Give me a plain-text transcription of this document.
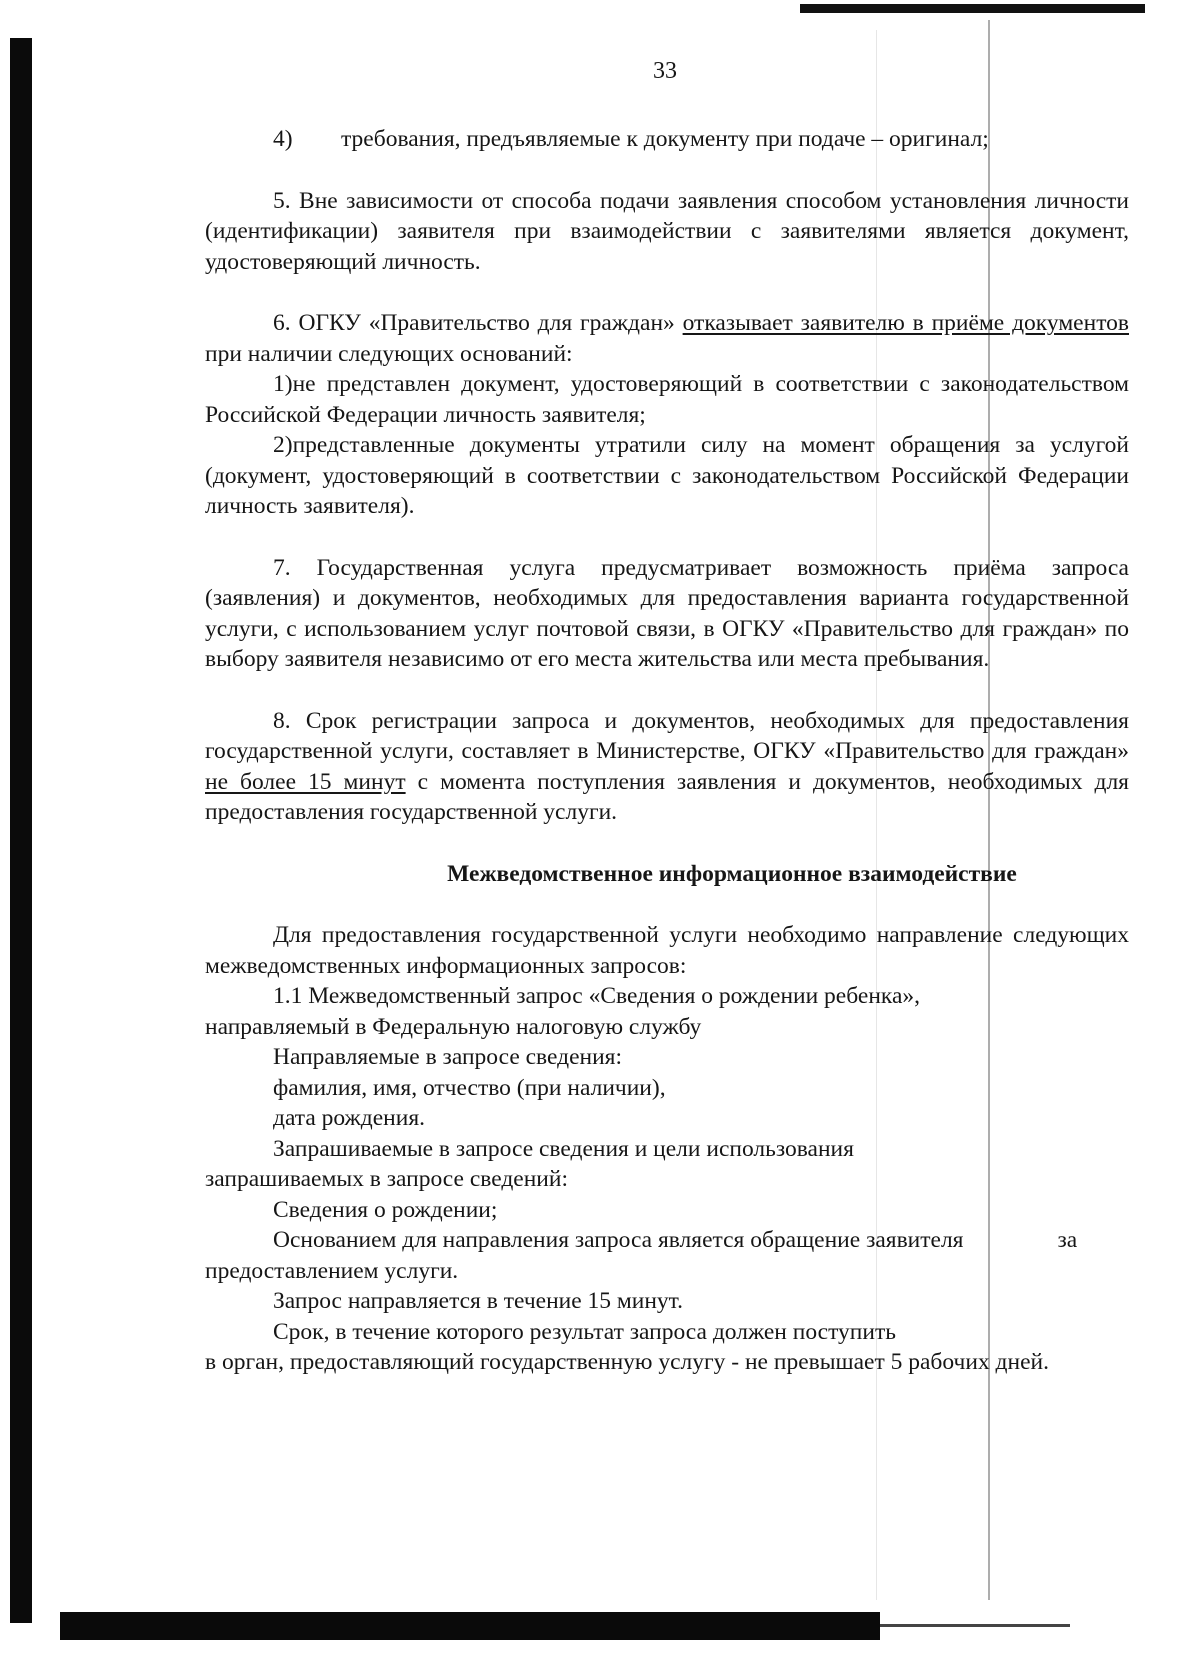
33
4)	требования, предъявляемые к документу при подаче – оригинал;

5. Вне зависимости от способа подачи заявления способом установления личности (идентификации) заявителя при взаимодействии с заявителями является документ, удостоверяющий личность.

6. ОГКУ «Правительство для граждан» отказывает заявителю в приёме документов при наличии следующих оснований:

1)не представлен документ, удостоверяющий в соответствии с законодательством Российской Федерации личность заявителя;

2)представленные документы утратили силу на момент обращения за услугой (документ, удостоверяющий в соответствии с законодательством Российской Федерации личность заявителя).

7. Государственная услуга предусматривает возможность приёма запроса (заявления) и документов, необходимых для предоставления варианта государственной услуги, с использованием услуг почтовой связи, в ОГКУ «Правительство для граждан» по выбору заявителя независимо от его места жительства или места пребывания.

8. Срок регистрации запроса и документов, необходимых для предоставления государственной услуги, составляет в Министерстве, ОГКУ «Правительство для граждан» не более 15 минут с момента поступления заявления и документов, необходимых для предоставления государственной услуги.

Межведомственное информационное взаимодействие

Для предоставления государственной услуги необходимо направление следующих межведомственных информационных запросов:

1.1 Межведомственный запрос «Сведения о рождении ребенка»,

направляемый в Федеральную налоговую службу

Направляемые в запросе сведения:

фамилия, имя, отчество (при наличии),

дата рождения.

Запрашиваемые в запросе сведения и цели использования

запрашиваемых в запросе сведений:

Сведения о рождении;

Основанием для направления запроса является обращение заявителя	за

предоставлением услуги.

Запрос направляется в течение 15 минут.

Срок, в течение которого результат запроса должен поступить

в орган, предоставляющий государственную услугу - не превышает 5 рабочих дней.
